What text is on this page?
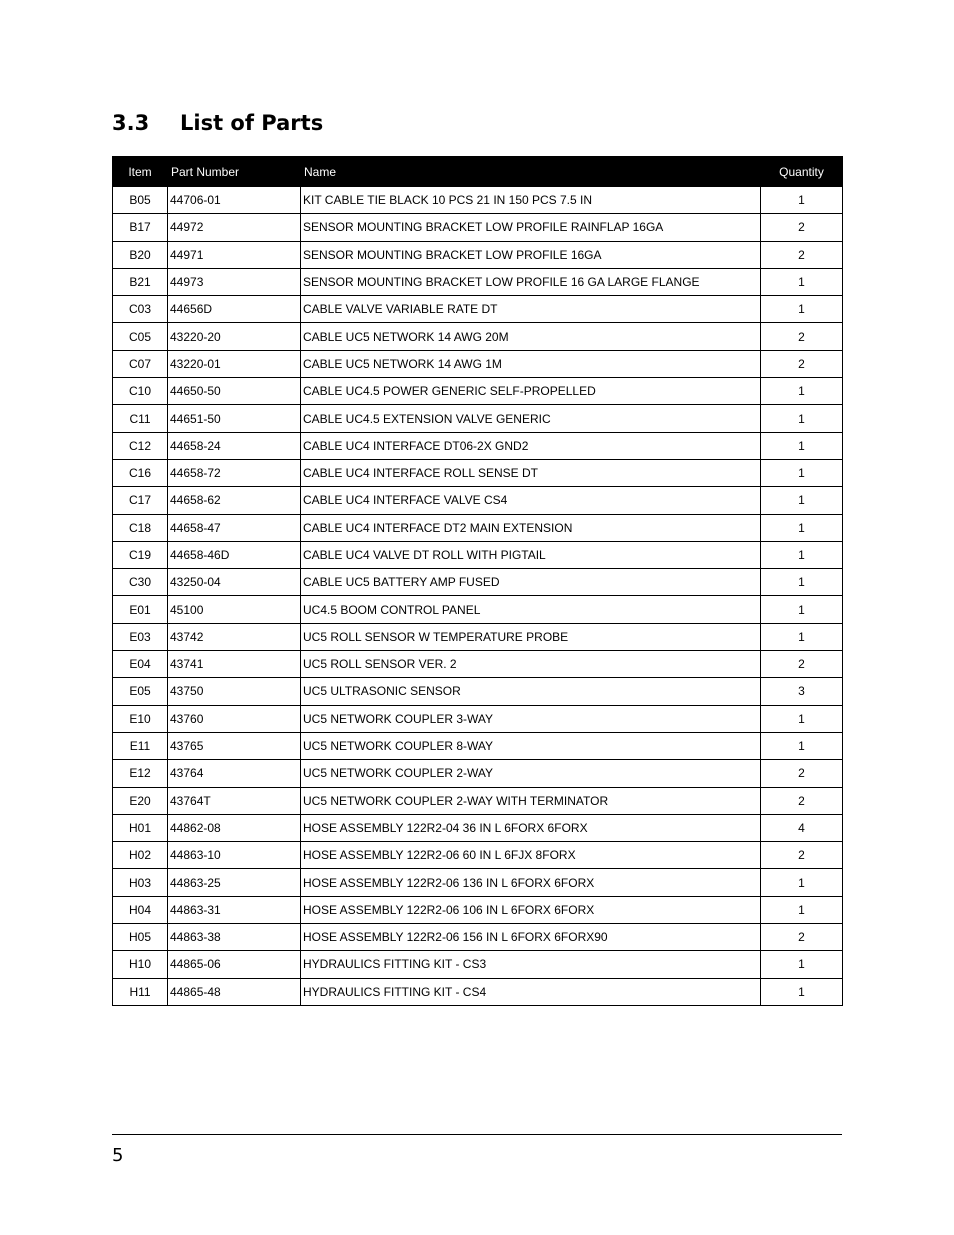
3.3 List of Parts
Item	Part Number	Name	Quantity
B05	44706-01	KIT CABLE TIE BLACK 10 PCS 21 IN 150 PCS 7.5 IN	1
B17	44972	SENSOR MOUNTING BRACKET LOW PROFILE RAINFLAP 16GA	2
B20	44971	SENSOR MOUNTING BRACKET LOW PROFILE 16GA	2
B21	44973	SENSOR MOUNTING BRACKET LOW PROFILE 16 GA LARGE FLANGE	1
C03	44656D	CABLE VALVE VARIABLE RATE DT	1
C05	43220-20	CABLE UC5 NETWORK 14 AWG 20M	2
C07	43220-01	CABLE UC5 NETWORK 14 AWG 1M	2
C10	44650-50	CABLE UC4.5 POWER GENERIC SELF-PROPELLED	1
C11	44651-50	CABLE UC4.5 EXTENSION VALVE GENERIC	1
C12	44658-24	CABLE UC4 INTERFACE DT06-2X GND2	1
C16	44658-72	CABLE UC4 INTERFACE ROLL SENSE DT	1
C17	44658-62	CABLE UC4 INTERFACE VALVE CS4	1
C18	44658-47	CABLE UC4 INTERFACE DT2 MAIN EXTENSION	1
C19	44658-46D	CABLE UC4 VALVE DT ROLL WITH PIGTAIL	1
C30	43250-04	CABLE UC5 BATTERY AMP FUSED	1
E01	45100	UC4.5 BOOM CONTROL PANEL	1
E03	43742	UC5 ROLL SENSOR W TEMPERATURE PROBE	1
E04	43741	UC5 ROLL SENSOR VER. 2	2
E05	43750	UC5 ULTRASONIC SENSOR	3
E10	43760	UC5 NETWORK COUPLER 3-WAY	1
E11	43765	UC5 NETWORK COUPLER 8-WAY	1
E12	43764	UC5 NETWORK COUPLER 2-WAY	2
E20	43764T	UC5 NETWORK COUPLER 2-WAY WITH TERMINATOR	2
H01	44862-08	HOSE ASSEMBLY 122R2-04 36 IN L 6FORX 6FORX	4
H02	44863-10	HOSE ASSEMBLY 122R2-06 60 IN L 6FJX 8FORX	2
H03	44863-25	HOSE ASSEMBLY 122R2-06 136 IN L 6FORX 6FORX	1
H04	44863-31	HOSE ASSEMBLY 122R2-06 106 IN L 6FORX 6FORX	1
H05	44863-38	HOSE ASSEMBLY 122R2-06 156 IN L 6FORX 6FORX90	2
H10	44865-06	HYDRAULICS FITTING KIT - CS3	1
H11	44865-48	HYDRAULICS FITTING KIT - CS4	1
5
